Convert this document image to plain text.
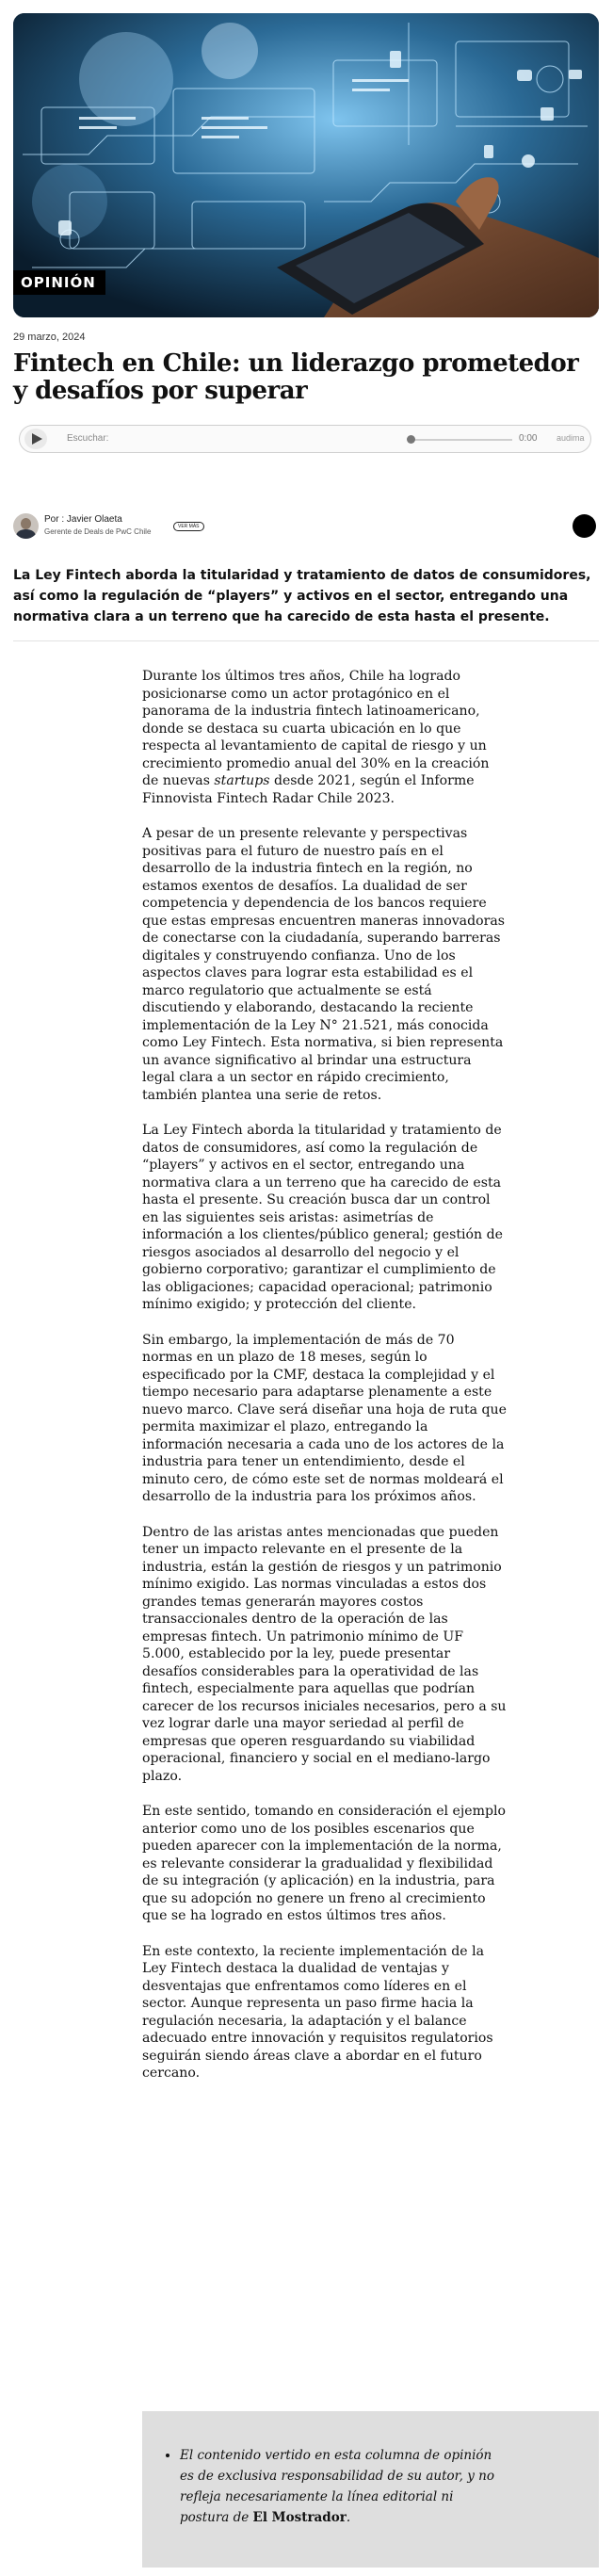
OPINIÓN
29 marzo, 2024
Fintech en Chile: un liderazgo prometedor y desafíos por superar
Escuchar:	0:00 audima
Por : Javier Olaeta
Gerente de Deals de PwC Chile
VER MÁS

La Ley Fintech aborda la titularidad y tratamiento de datos de consumidores, así como la regulación de “players” y activos en el sector, entregando una normativa clara a un terreno que ha carecido de esta hasta el presente.

Durante los últimos tres años, Chile ha logrado posicionarse como un actor protagónico en el panorama de la industria fintech latinoamericano, donde se destaca su cuarta ubicación en lo que respecta al levantamiento de capital de riesgo y un crecimiento promedio anual del 30% en la creación de nuevas startups desde 2021, según el Informe Finnovista Fintech Radar Chile 2023.

A pesar de un presente relevante y perspectivas positivas para el futuro de nuestro país en el desarrollo de la industria fintech en la región, no estamos exentos de desafíos. La dualidad de ser competencia y dependencia de los bancos requiere que estas empresas encuentren maneras innovadoras de conectarse con la ciudadanía, superando barreras digitales y construyendo confianza. Uno de los aspectos claves para lograr esta estabilidad es el marco regulatorio que actualmente se está discutiendo y elaborando, destacando la reciente implementación de la Ley N° 21.521, más conocida como Ley Fintech. Esta normativa, si bien representa un avance significativo al brindar una estructura legal clara a un sector en rápido crecimiento, también plantea una serie de retos.

La Ley Fintech aborda la titularidad y tratamiento de datos de consumidores, así como la regulación de “players” y activos en el sector, entregando una normativa clara a un terreno que ha carecido de esta hasta el presente. Su creación busca dar un control en las siguientes seis aristas: asimetrías de información a los clientes/público general; gestión de riesgos asociados al desarrollo del negocio y el gobierno corporativo; garantizar el cumplimiento de las obligaciones; capacidad operacional; patrimonio mínimo exigido; y protección del cliente.

Sin embargo, la implementación de más de 70 normas en un plazo de 18 meses, según lo especificado por la CMF, destaca la complejidad y el tiempo necesario para adaptarse plenamente a este nuevo marco. Clave será diseñar una hoja de ruta que permita maximizar el plazo, entregando la información necesaria a cada uno de los actores de la industria para tener un entendimiento, desde el minuto cero, de cómo este set de normas moldeará el desarrollo de la industria para los próximos años.

Dentro de las aristas antes mencionadas que pueden tener un impacto relevante en el presente de la industria, están la gestión de riesgos y un patrimonio mínimo exigido. Las normas vinculadas a estos dos grandes temas generarán mayores costos transaccionales dentro de la operación de las empresas fintech. Un patrimonio mínimo de UF 5.000, establecido por la ley, puede presentar desafíos considerables para la operatividad de las fintech, especialmente para aquellas que podrían carecer de los recursos iniciales necesarios, pero a su vez lograr darle una mayor seriedad al perfil de empresas que operen resguardando su viabilidad operacional, financiero y social en el mediano-largo plazo.

En este sentido, tomando en consideración el ejemplo anterior como uno de los posibles escenarios que pueden aparecer con la implementación de la norma, es relevante considerar la gradualidad y flexibilidad de su integración (y aplicación) en la industria, para que su adopción no genere un freno al crecimiento que se ha logrado en estos últimos tres años.

En este contexto, la reciente implementación de la Ley Fintech destaca la dualidad de ventajas y desventajas que enfrentamos como líderes en el sector. Aunque representa un paso firme hacia la regulación necesaria, la adaptación y el balance adecuado entre innovación y requisitos regulatorios seguirán siendo áreas clave a abordar en el futuro cercano.

• El contenido vertido en esta columna de opinión es de exclusiva responsabilidad de su autor, y no refleja necesariamente la línea editorial ni postura de El Mostrador.
